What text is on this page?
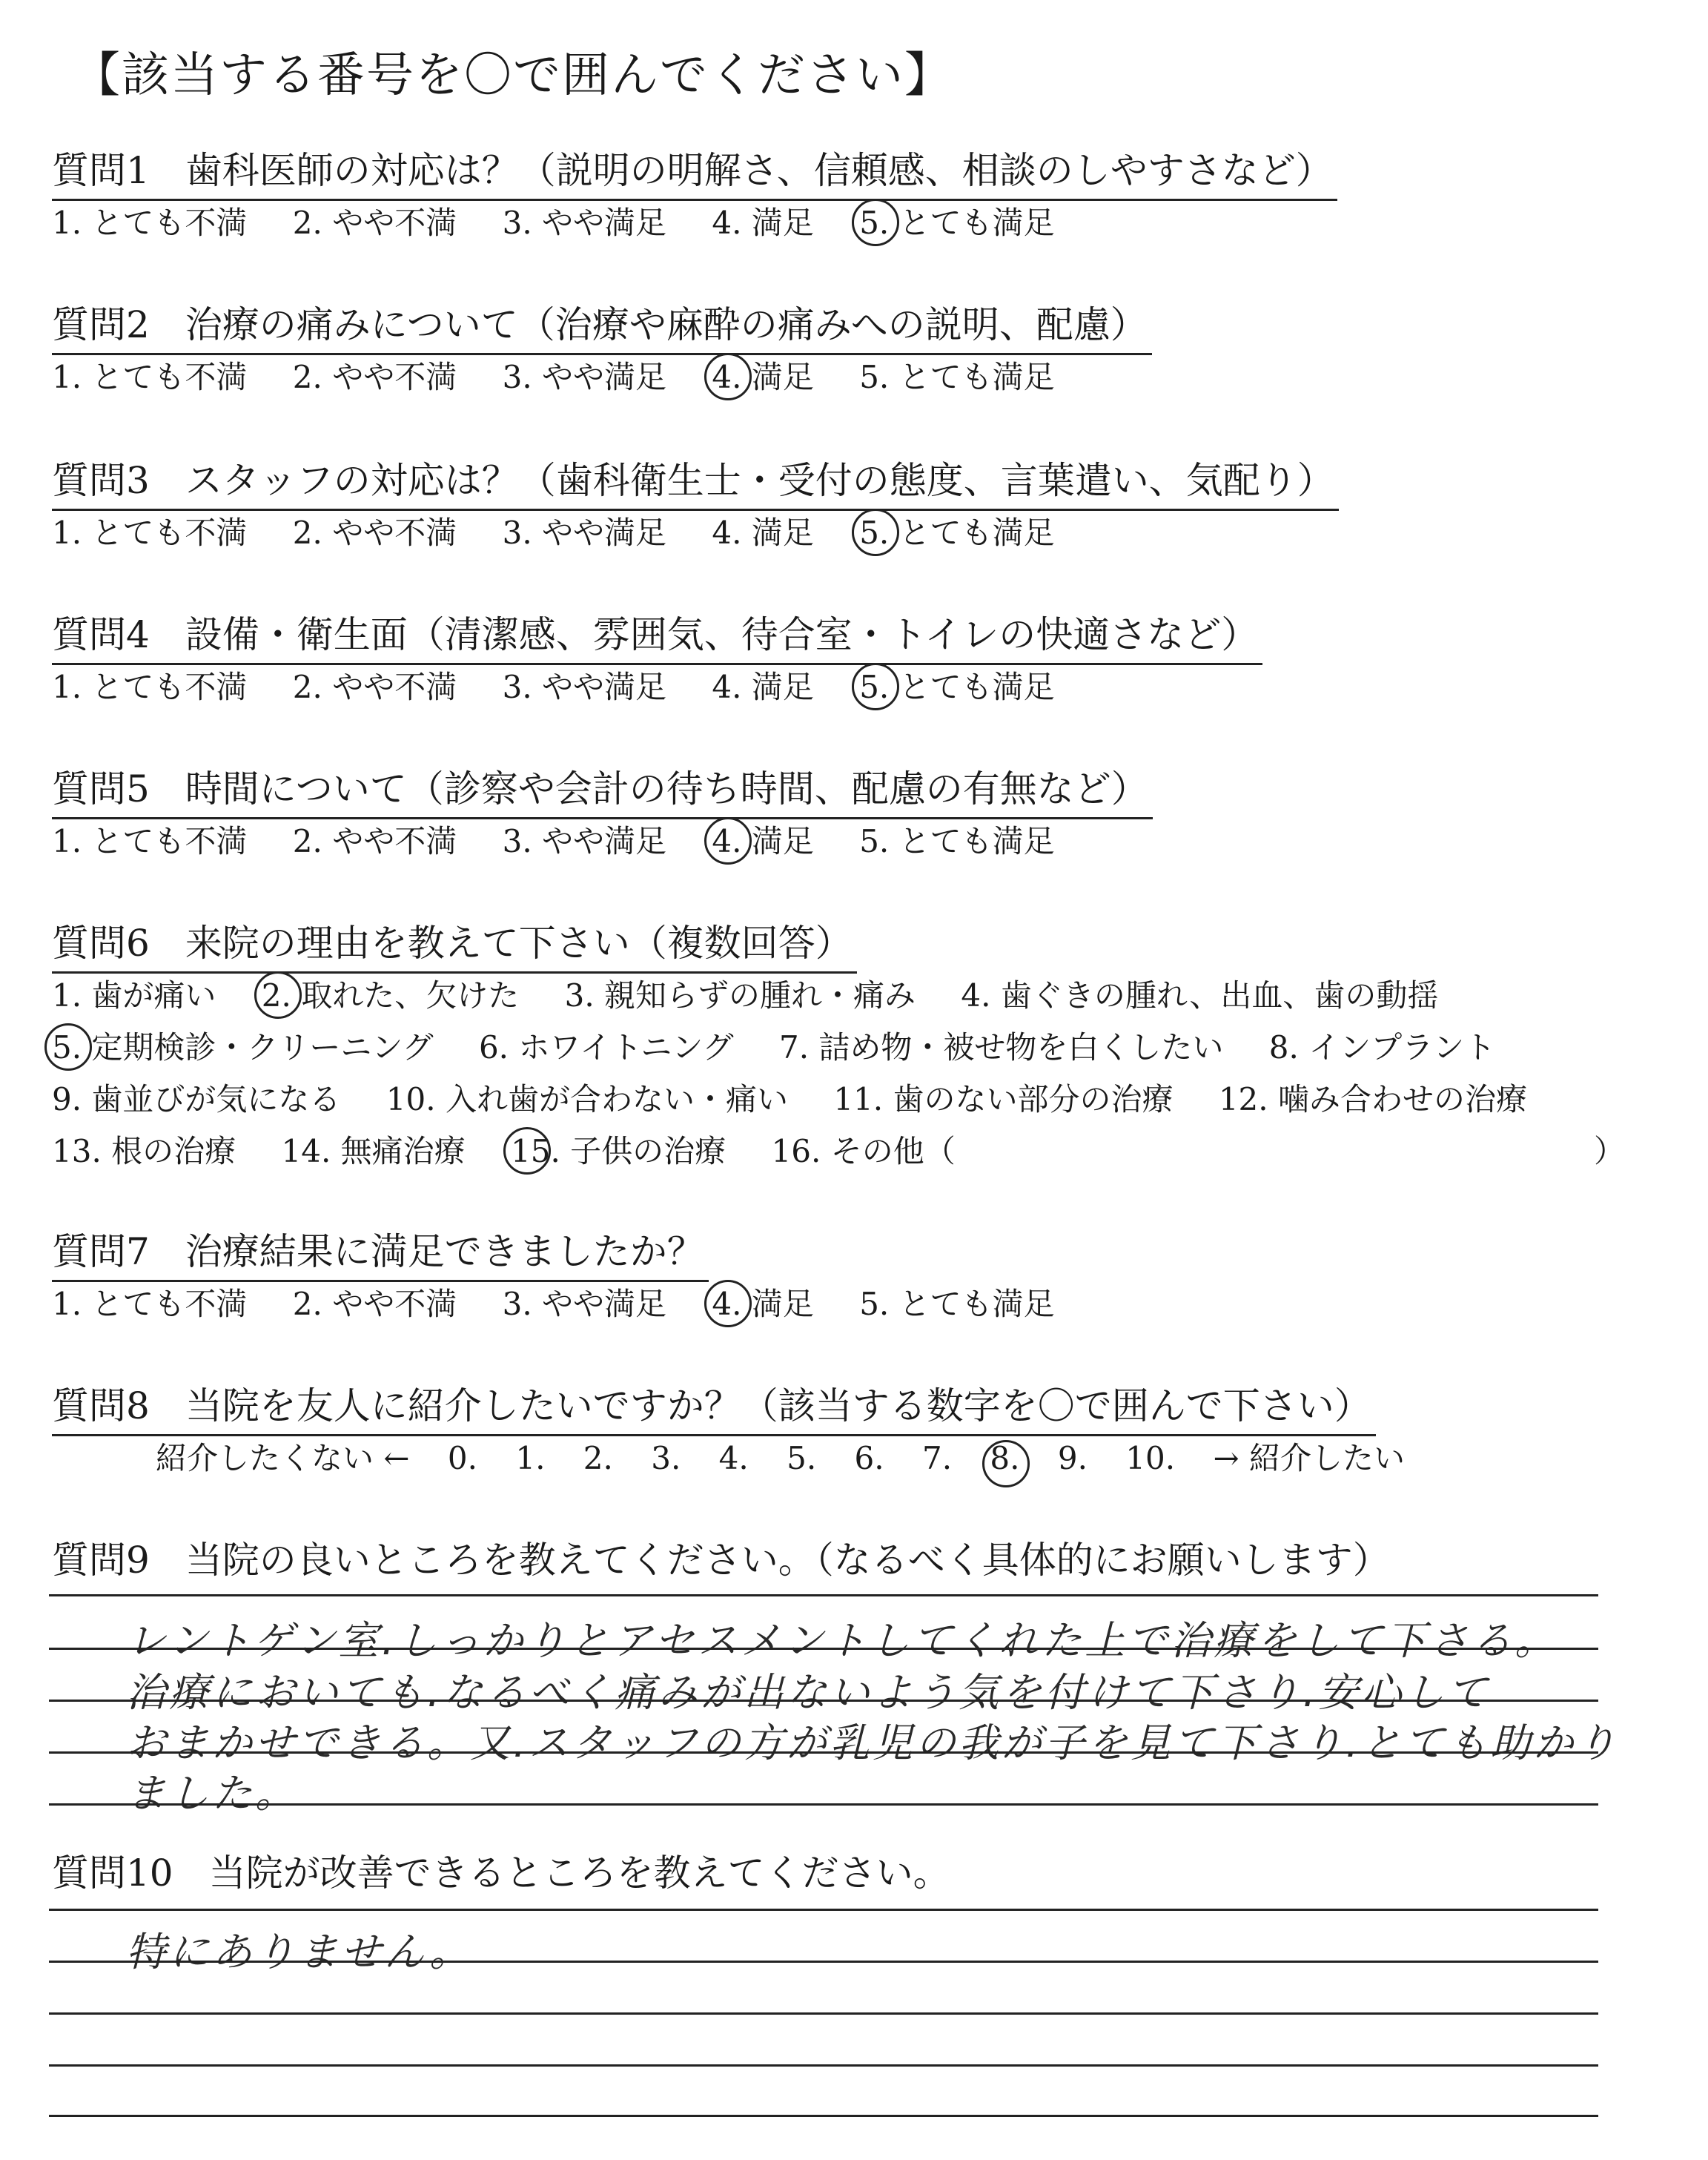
【該当する番号を〇で囲んでください】
質問1 歯科医師の対応は？（説明の明解さ、信頼感、相談のしやすさなど）
1. とても不満 2. やや不満 3. やや満足 4. 満足 5. とても満足
質問2 治療の痛みについて（治療や麻酔の痛みへの説明、配慮）
1. とても不満 2. やや不満 3. やや満足 4. 満足 5. とても満足
質問3 スタッフの対応は？（歯科衛生士・受付の態度、言葉遣い、気配り）
1. とても不満 2. やや不満 3. やや満足 4. 満足 5. とても満足
質問4 設備・衛生面（清潔感、雰囲気、待合室・トイレの快適さなど）
1. とても不満 2. やや不満 3. やや満足 4. 満足 5. とても満足
質問5 時間について（診察や会計の待ち時間、配慮の有無など）
1. とても不満 2. やや不満 3. やや満足 4. 満足 5. とても満足
質問6 来院の理由を教えて下さい（複数回答）
1. 歯が痛い 2. 取れた、欠けた 3. 親知らずの腫れ・痛み 4. 歯ぐきの腫れ、出血、歯の動揺
5. 定期検診・クリーニング 6. ホワイトニング 7. 詰め物・被せ物を白くしたい 8. インプラント
9. 歯並びが気になる 10. 入れ歯が合わない・痛い 11. 歯のない部分の治療 12. 噛み合わせの治療
13. 根の治療 14. 無痛治療 15. 子供の治療 16. その他（	）
質問7 治療結果に満足できましたか？
1. とても不満 2. やや不満 3. やや満足 4. 満足 5. とても満足
質問8 当院を友人に紹介したいですか？（該当する数字を〇で囲んで下さい）
紹介したくない ← 0. 1. 2. 3. 4. 5. 6. 7. 8. 9. 10. → 紹介したい
質問9 当院の良いところを教えてください。（なるべく具体的にお願いします）
レントゲン室.しっかりとアセスメントしてくれた上で治療をして下さる。
治療においても.なるべく痛みが出ないよう気を付けて下さり.安心して
おまかせできる。又.スタッフの方が乳児の我が子を見て下さり.とても助かり
ました。
質問10 当院が改善できるところを教えてください。
特にありません。
